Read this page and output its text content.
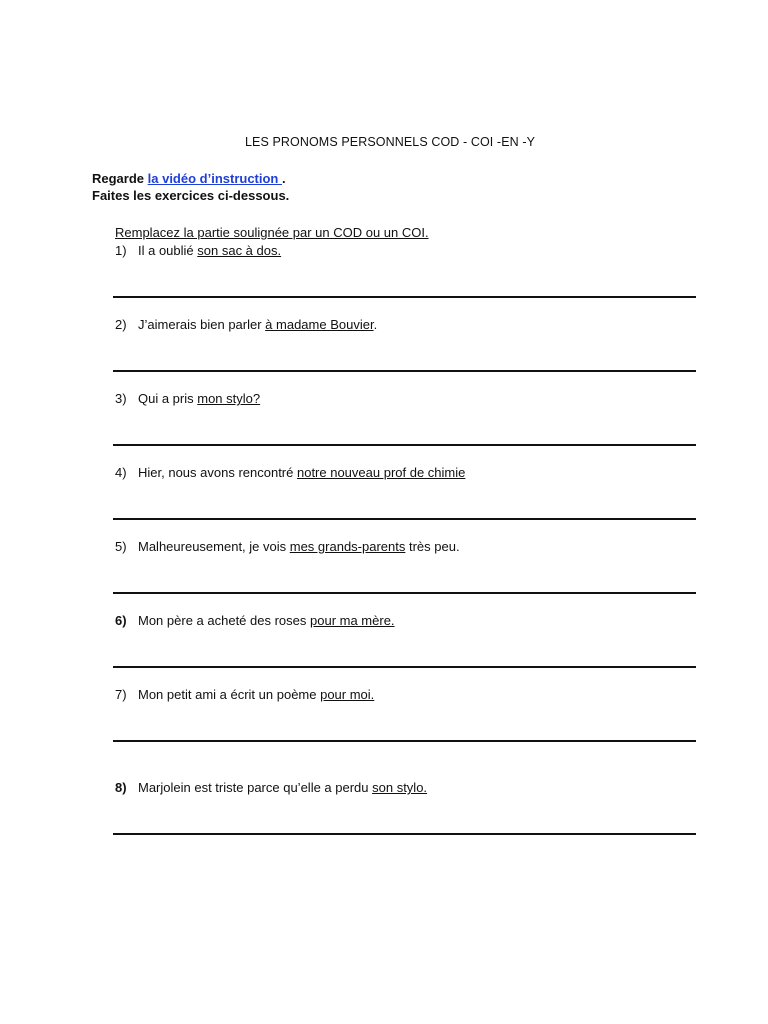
LES PRONOMS PERSONNELS COD - COI -EN -Y
Regarde la vidéo d’instruction .
Faites les exercices ci-dessous.
Remplacez la partie soulignée par un COD ou un COI.
1) Il a oublié son sac à dos.
2) J’aimerais bien parler à madame Bouvier.
3) Qui a pris mon stylo?
4) Hier, nous avons rencontré notre nouveau prof de chimie
5) Malheureusement, je vois mes grands-parents très peu.
6) Mon père a acheté des roses pour ma mère.
7) Mon petit ami a écrit un poème pour moi.
8) Marjolein est triste parce qu’elle a perdu son stylo.
